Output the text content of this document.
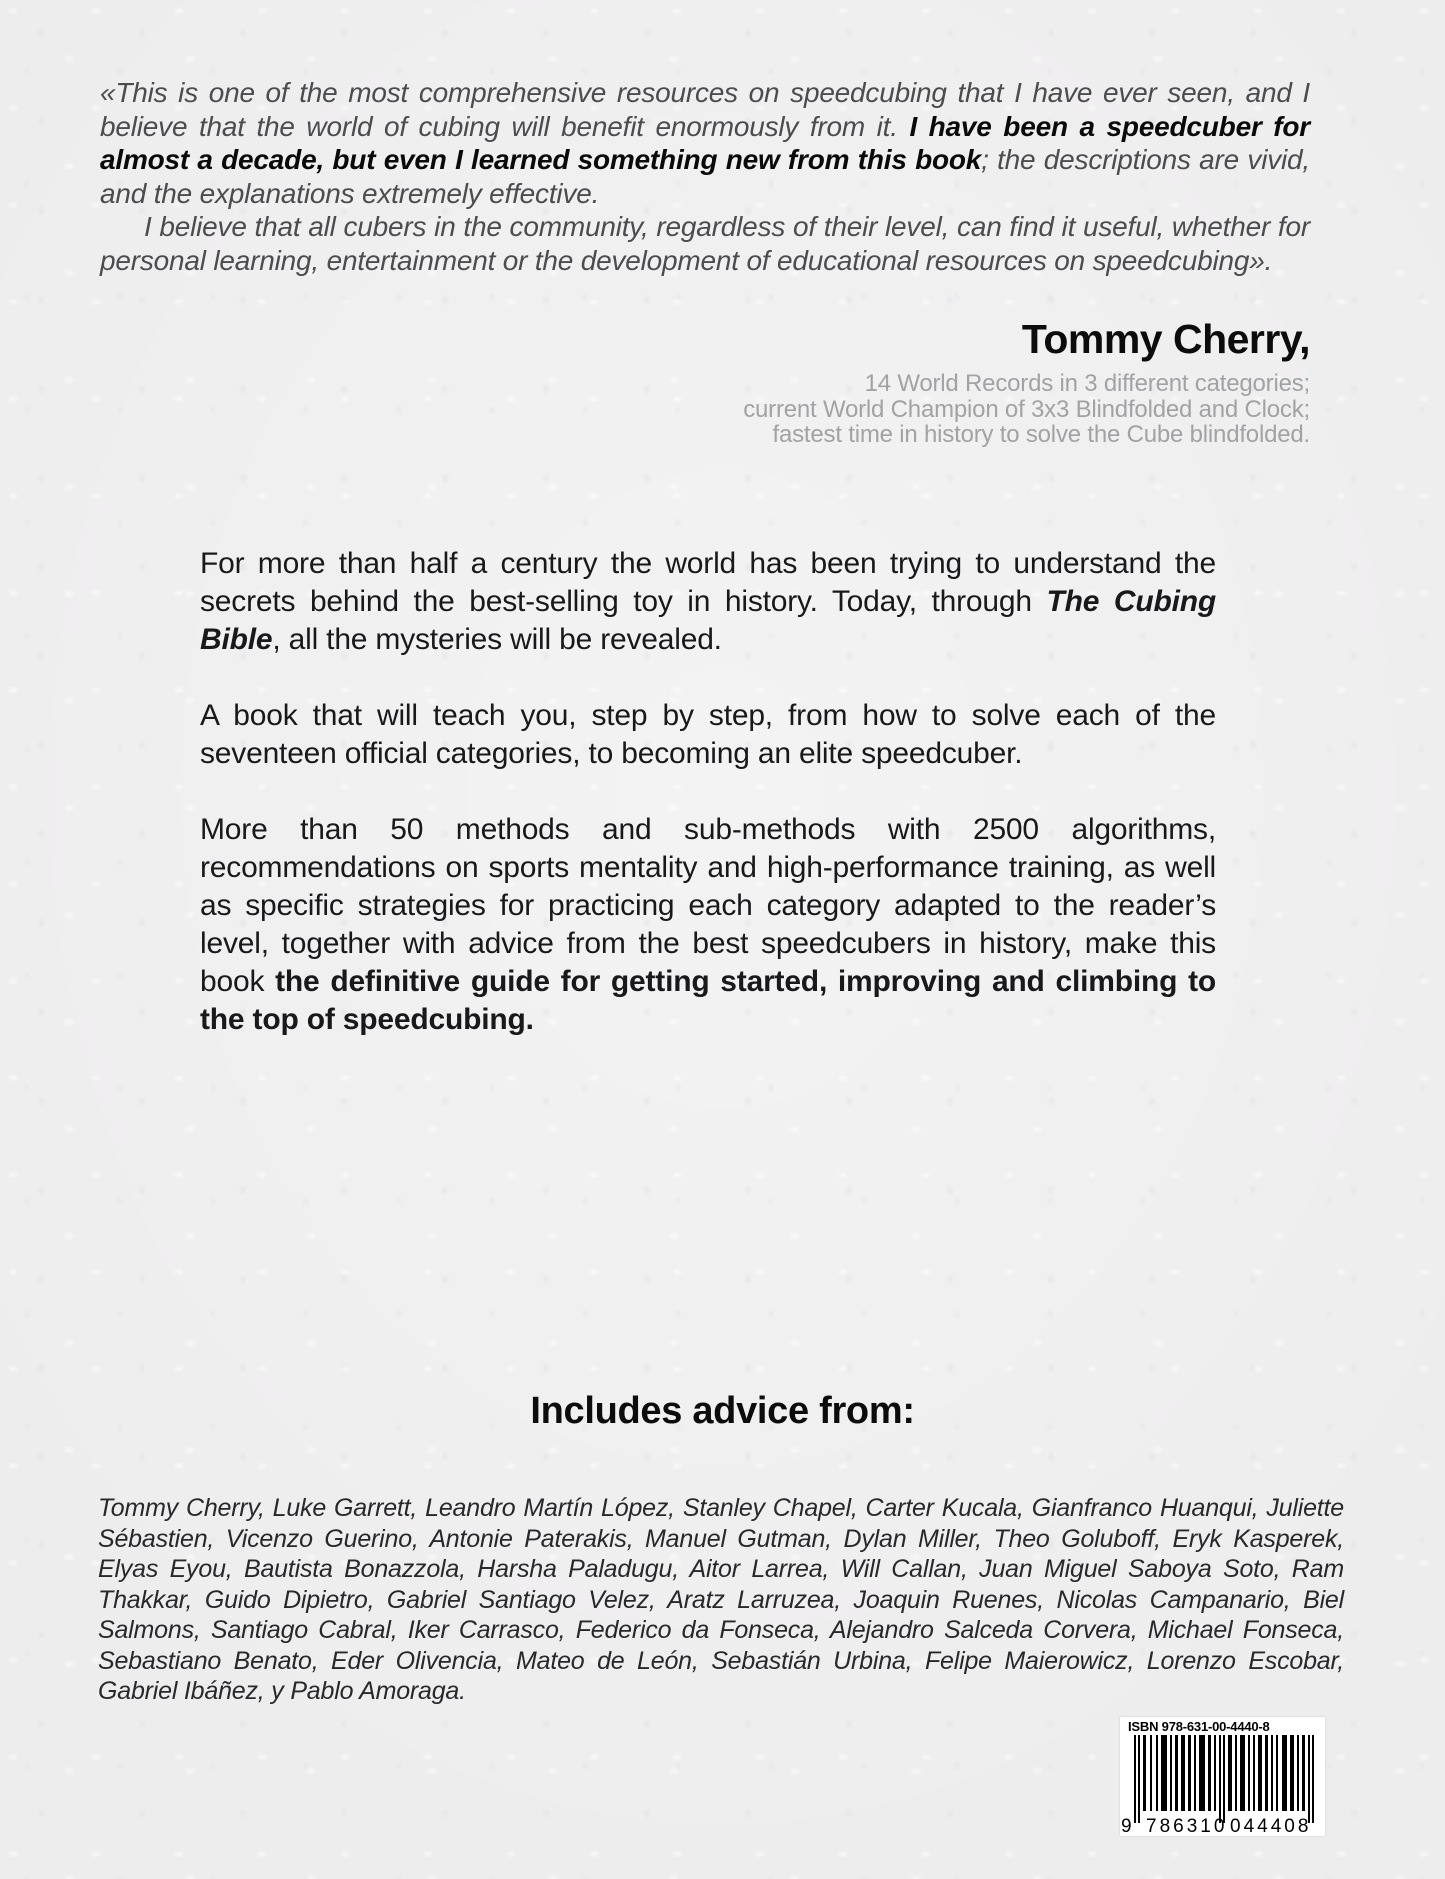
«This is one of the most comprehensive resources on speedcubing that I have ever seen, and I believe that the world of cubing will benefit enormously from it. I have been a speedcuber for almost a decade, but even I learned something new from this book; the descriptions are vivid, and the explanations extremely effective.
I believe that all cubers in the community, regardless of their level, can find it useful, whether for personal learning, entertainment or the development of educational resources on speedcubing».
Tommy Cherry,
14 World Records in 3 different categories;
current World Champion of 3x3 Blindfolded and Clock;
fastest time in history to solve the Cube blindfolded.

For more than half a century the world has been trying to understand the secrets behind the best-selling toy in history. Today, through The Cubing Bible, all the mysteries will be revealed.

A book that will teach you, step by step, from how to solve each of the seventeen official categories, to becoming an elite speedcuber.

More than 50 methods and sub-methods with 2500 algorithms, recommendations on sports mentality and high-performance training, as well as specific strategies for practicing each category adapted to the reader’s level, together with advice from the best speedcubers in history, make this book the definitive guide for getting started, improving and climbing to the top of speedcubing.

Includes advice from:
Tommy Cherry, Luke Garrett, Leandro Martín López, Stanley Chapel, Carter Kucala, Gianfranco Huanqui, Juliette Sébastien, Vicenzo Guerino, Antonie Paterakis, Manuel Gutman, Dylan Miller, Theo Goluboff, Eryk Kasperek, Elyas Eyou, Bautista Bonazzola, Harsha Paladugu, Aitor Larrea, Will Callan, Juan Miguel Saboya Soto, Ram Thakkar, Guido Dipietro, Gabriel Santiago Velez, Aratz Larruzea, Joaquin Ruenes, Nicolas Campanario, Biel Salmons, Santiago Cabral, Iker Carrasco, Federico da Fonseca, Alejandro Salceda Corvera, Michael Fonseca, Sebastiano Benato, Eder Olivencia, Mateo de León, Sebastián Urbina, Felipe Maierowicz, Lorenzo Escobar, Gabriel Ibáñez, y Pablo Amoraga.
ISBN 978-631-00-4440-8
9 786310 044408
